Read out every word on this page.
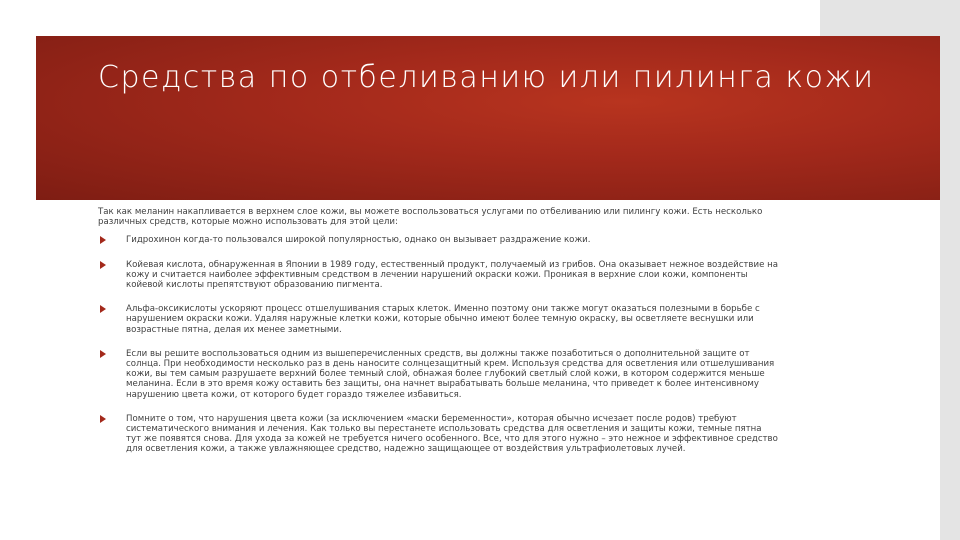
Средства по отбеливанию или пилинга кожи

Так как меланин накапливается в верхнем слое кожи, вы можете воспользоваться услугами по отбеливанию или пилингу кожи. Есть несколько различных средств, которые можно использовать для этой цели:

Гидрохинон когда-то пользовался широкой популярностью, однако он вызывает раздражение кожи.
Койевая кислота, обнаруженная в Японии в 1989 году, естественный продукт, получаемый из грибов. Она оказывает нежное воздействие на кожу и считается наиболее эффективным средством в лечении нарушений окраски кожи. Проникая в верхние слои кожи, компоненты койевой кислоты препятствуют образованию пигмента.
Альфа-оксикислоты ускоряют процесс отшелушивания старых клеток. Именно поэтому они также могут оказаться полезными в борьбе с нарушением окраски кожи. Удаляя наружные клетки кожи, которые обычно имеют более темную окраску, вы осветляете веснушки или возрастные пятна, делая их менее заметными.
Если вы решите воспользоваться одним из вышеперечисленных средств, вы должны также позаботиться о дополнительной защите от солнца. При необходимости несколько раз в день наносите солнцезащитный крем. Используя средства для осветления или отшелушивания кожи, вы тем самым разрушаете верхний более темный слой, обнажая более глубокий светлый слой кожи, в котором содержится меньше меланина. Если в это время кожу оставить без защиты, она начнет вырабатывать больше меланина, что приведет к более интенсивному нарушению цвета кожи, от которого будет гораздо тяжелее избавиться.
Помните о том, что нарушения цвета кожи (за исключением «маски беременности», которая обычно исчезает после родов) требуют систематического внимания и лечения. Как только вы перестанете использовать средства для осветления и защиты кожи, темные пятна тут же появятся снова. Для ухода за кожей не требуется ничего особенного. Все, что для этого нужно – это нежное и эффективное средство для осветления кожи, а также увлажняющее средство, надежно защищающее от воздействия ультрафиолетовых лучей.
